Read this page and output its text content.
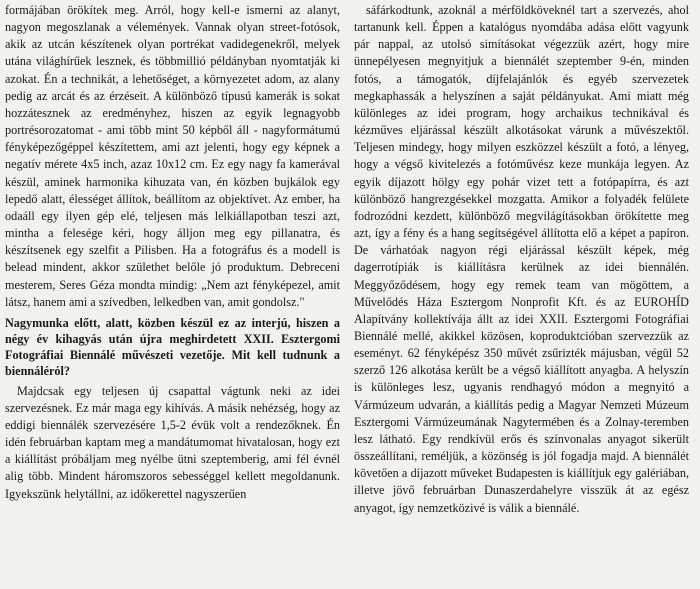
formájában örökítek meg. Arról, hogy kell-e ismerni az alanyt, nagyon megoszlanak a vélemények. Vannak olyan street-fotósok, akik az utcán készítenek olyan portrékat vadidegenekről, melyek utána világhírűek lesznek, és többmillió példányban nyomtatják ki azokat. Én a technikát, a lehetőséget, a környezetet adom, az alany pedig az arcát és az érzéseit. A különböző típusú kamerák is sokat hozzátesznek az eredményhez, hiszen az egyik legnagyobb portrésorozatomat - ami több mint 50 képből áll - nagyformátumú fényképezőgéppel készítettem, ami azt jelenti, hogy egy képnek a negatív mérete 4x5 inch, azaz 10x12 cm. Ez egy nagy fa kamerával készül, aminek harmonika kihuzata van, én közben bujkálok egy lepedő alatt, élességet állítok, beállítom az objektívet. Az ember, ha odaáll egy ilyen gép elé, teljesen más lelkiállapotban teszi azt, mintha a felesége kéri, hogy álljon meg egy pillanatra, és készítsenek egy szelfit a Pilisben. Ha a fotográfus és a modell is belead mindent, akkor születhet belőle jó produktum. Debreceni mesterem, Seres Géza mondta mindig: „Nem azt fényképezel, amit látsz, hanem ami a szívedben, lelkedben van, amit gondolsz."

Nagymunka előtt, alatt, közben készül ez az interjú, hiszen a négy év kihagyás után újra meghirdetett XXII. Esztergomi Fotográfiai Biennálé művészeti vezetője. Mit kell tudnunk a biennáléról?

Majdcsak egy teljesen új csapattal vágtunk neki az idei szervezésnek. Ez már maga egy kihívás. A másik nehézség, hogy az eddigi biennálék szervezésére 1,5-2 évük volt a rendezőknek. Én idén februárban kaptam meg a mandátumomat hivatalosan, hogy ezt a kiállítást próbáljam meg nyélbe ütni szeptemberig, ami fél évnél alig több. Mindent háromszoros sebességgel kellett megoldanunk. Igyekszünk helytállni, az időkerettel nagyszerűen

sáfárkodtunk, azoknál a mérföldköveknél tart a szervezés, ahol tartanunk kell. Éppen a katalógus nyomdába adása előtt vagyunk pár nappal, az utolsó simításokat végezzük azért, hogy mire ünnepélyesen megnyitjuk a biennálét szeptember 9-én, minden fotós, a támogatók, díjfelajánlók és egyéb szervezetek megkaphassák a helyszínen a saját példányukat. Ami miatt még különleges az idei program, hogy archaikus technikával és kézműves eljárással készült alkotásokat várunk a művészektől. Teljesen mindegy, hogy milyen eszközzel készült a fotó, a lényeg, hogy a végső kivitelezés a fotóművész keze munkája legyen. Az egyik díjazott hölgy egy pohár vizet tett a fotópapírra, és azt különböző hangrezgésekkel mozgatta. Amikor a folyadék felülete fodrozódni kezdett, különböző megvilágításokban örökítette meg azt, így a fény és a hang segítségével állította elő a képet a papíron. De várhatóak nagyon régi eljárással készült képek, még dagerrotípiák is kiállításra kerülnek az idei biennálén. Meggyőződésem, hogy egy remek team van mögöttem, a Művelődés Háza Esztergom Nonprofit Kft. és az EUROHÍD Alapítvány kollektívája állt az idei XXII. Esztergomi Fotográfiai Biennálé mellé, akikkel közösen, koproduktcióban szervezzük az eseményt. 62 fényképész 350 művét zsűrizték májusban, végül 52 szerző 126 alkotása került be a végső kiállított anyagba. A helyszín is különleges lesz, ugyanis rendhagyó módon a megnyitó a Vármúzeum udvarán, a kiállítás pedig a Magyar Nemzeti Múzeum Esztergomi Vármúzeumának Nagytermében és a Zolnay-teremben lesz látható. Egy rendkívül erős és színvonalas anyagot sikerült összeállítani, reméljük, a közönség is jól fogadja majd. A biennálét követően a díjazott műveket Budapesten is kiállítjuk egy galériában, illetve jövő februárban Dunaszerdahelyre visszük át az egész anyagot, így nemzetközivé is válik a biennálé.
